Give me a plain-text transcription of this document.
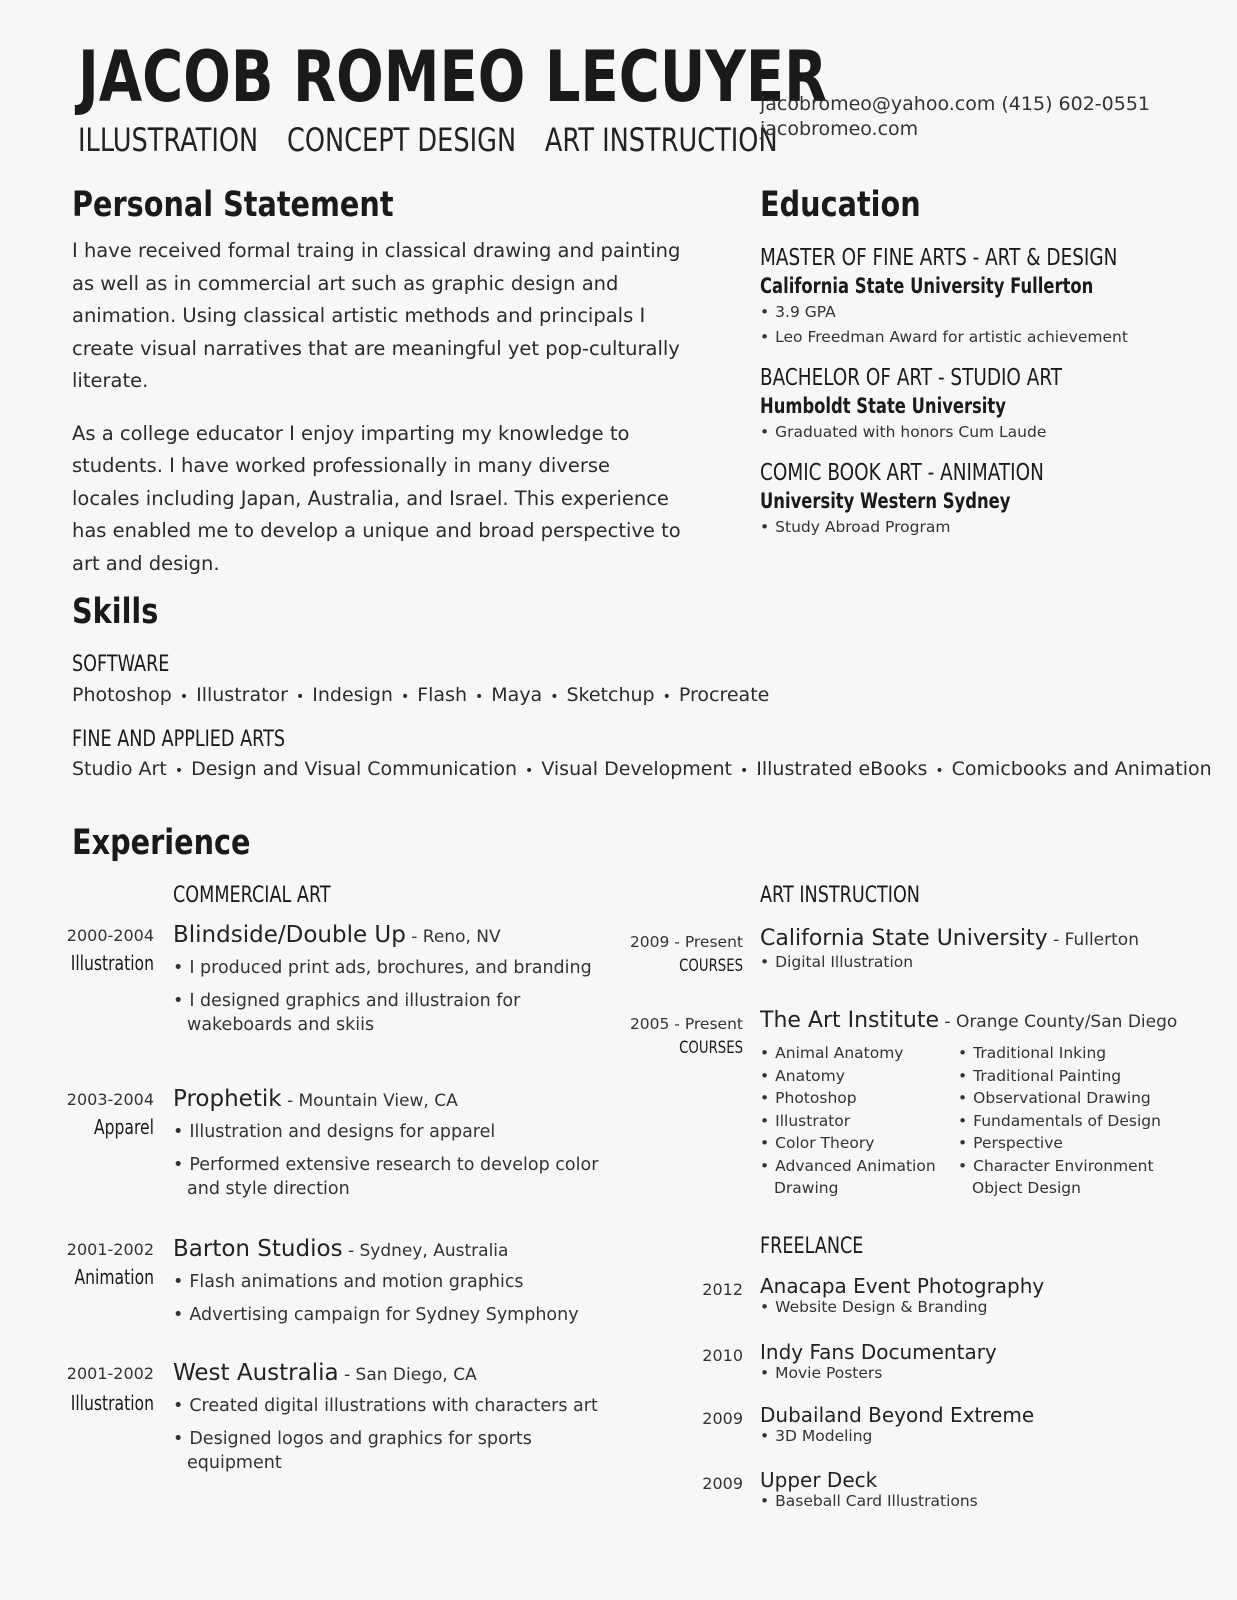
JACOB ROMEO LECUYER
ILLUSTRATION CONCEPT DESIGN ART INSTRUCTION
jacobromeo@yahoo.com (415) 602-0551
jacobromeo.com
Personal Statement

I have received formal traing in classical drawing and painting as well as in commercial art such as graphic design and animation. Using classical artistic methods and principals I create visual narratives that are meaningful yet pop-culturally literate.

As a college educator I enjoy imparting my knowledge to students. I have worked professionally in many diverse locales including Japan, Australia, and Israel. This experience has enabled me to develop a unique and broad perspective to art and design.

Education
MASTER OF FINE ARTS - ART & DESIGN
California State University Fullerton
• 3.9 GPA
• Leo Freedman Award for artistic achievement
BACHELOR OF ART - STUDIO ART
Humboldt State University
• Graduated with honors Cum Laude
COMIC BOOK ART - ANIMATION
University Western Sydney
• Study Abroad Program
Skills
SOFTWARE
Photoshop • Illustrator • Indesign • Flash • Maya • Sketchup • Procreate
FINE AND APPLIED ARTS
Studio Art • Design and Visual Communication • Visual Development • Illustrated eBooks • Comicbooks and Animation
Experience
COMMERCIAL ART
2000-2004
Illustration
Blindside/Double Up - Reno, NV
• I produced print ads, brochures, and branding
• I designed graphics and illustraion for wakeboards and skiis
2003-2004
Apparel
Prophetik - Mountain View, CA
• Illustration and designs for apparel
• Performed extensive research to develop color and style direction
2001-2002
Animation
Barton Studios - Sydney, Australia
• Flash animations and motion graphics
• Advertising campaign for Sydney Symphony
2001-2002
Illustration
West Australia - San Diego, CA
• Created digital illustrations with characters art
• Designed logos and graphics for sports equipment
ART INSTRUCTION
2009 - Present
COURSES
California State University - Fullerton
• Digital Illustration
2005 - Present
COURSES
The Art Institute - Orange County/San Diego
• Animal Anatomy
• Anatomy
• Photoshop
• Illustrator
• Color Theory
• Advanced Animation Drawing
• Traditional Inking
• Traditional Painting
• Observational Drawing
• Fundamentals of Design
• Perspective
• Character Environment Object Design
FREELANCE
2012 Anacapa Event Photography
• Website Design & Branding
2010 Indy Fans Documentary
• Movie Posters
2009 Dubailand Beyond Extreme
• 3D Modeling
2009 Upper Deck
• Baseball Card Illustrations
